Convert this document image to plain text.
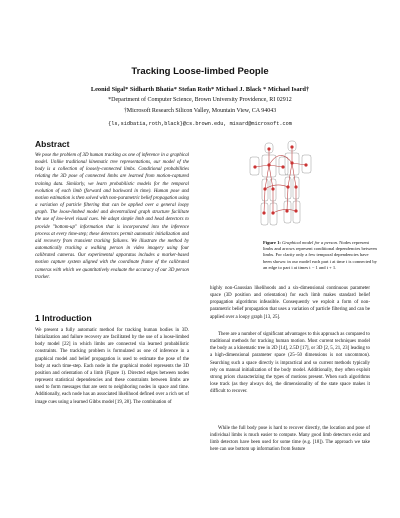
Tracking Loose-limbed People
Leonid Sigal* Sidharth Bhatia* Stefan Roth* Michael J. Black * Michael Isard†
*Department of Computer Science, Brown University Providence, RI 02912
†Microsoft Research Silicon Valley, Mountain View, CA 94043
{ls,sidbatia,roth,black}@cs.brown.edu, misard@microsoft.com
Abstract
We pose the problem of 3D human tracking as one of inference in a graphical model. Unlike traditional kinematic tree representations, our model of the body is a collection of loosely-connected limbs. Conditional probabilities relating the 3D pose of connected limbs are learned from motion-captured training data. Similarly, we learn probabilistic models for the temporal evolution of each limb (forward and backward in time). Human pose and motion estimation is then solved with non-parametric belief propagation using a variation of particle filtering that can be applied over a general loopy graph. The loose-limbed model and decentralized graph structure facilitate the use of low-level visual cues. We adopt simple limb and head detectors to provide "bottom-up" information that is incorporated into the inference process at every time-step; these detectors permit automatic initialization and aid recovery from transient tracking failures. We illustrate the method by automatically tracking a walking person in video imagery using four calibrated cameras. Our experimental apparatus includes a marker-based motion capture system aligned with the coordinate frame of the calibrated cameras with which we quantitatively evaluate the accuracy of our 3D person tracker.
1 Introduction
We present a fully automatic method for tracking human bodies in 3D. Initialization and failure recovery are facilitated by the use of a loose-limbed body model [22] in which limbs are connected via learned probabilistic constraints. The tracking problem is formulated as one of inference in a graphical model and belief propagation is used to estimate the pose of the body at each time-step. Each node in the graphical model represents the 3D position and orientation of a limb (Figure 1). Directed edges between nodes represent statistical dependencies and these constraints between limbs are used to form messages that are sent to neighboring nodes in space and time. Additionally, each node has an associated likelihood defined over a rich set of image cues using a learned Gibbs model [19, 28]. The combination of
Figure 1: Graphical model for a person. Nodes represent limbs and arrows represent conditional dependencies between limbs. For clarity only a few temporal dependencies have been shown: in our model each part i at time t is connected by an edge to part i at times t − 1 and t + 1.
highly non-Gaussian likelihoods and a six-dimensional continuous parameter space (3D position and orientation) for each limb makes standard belief propagation algorithms infeasible. Consequently we exploit a form of non-parametric belief propagation that uses a variation of particle filtering and can be applied over a loopy graph [13, 25].
There are a number of significant advantages to this approach as compared to traditional methods for tracking human motion. Most current techniques model the body as a kinematic tree in 2D [14], 2.5D [17], or 3D [2, 5, 21, 23] leading to a high-dimensional parameter space (25–50 dimensions is not uncommon). Searching such a space directly is impractical and so current methods typically rely on manual initialization of the body model. Additionally, they often exploit strong priors characterizing the types of motions present. When such algorithms lose track (as they always do), the dimensionality of the state space makes it difficult to recover.
While the full body pose is hard to recover directly, the location and pose of individual limbs is much easier to compute. Many good limb detectors exist and limb detectors have been used for some time (e.g. [18]). The approach we take here can use bottom up information from feature
